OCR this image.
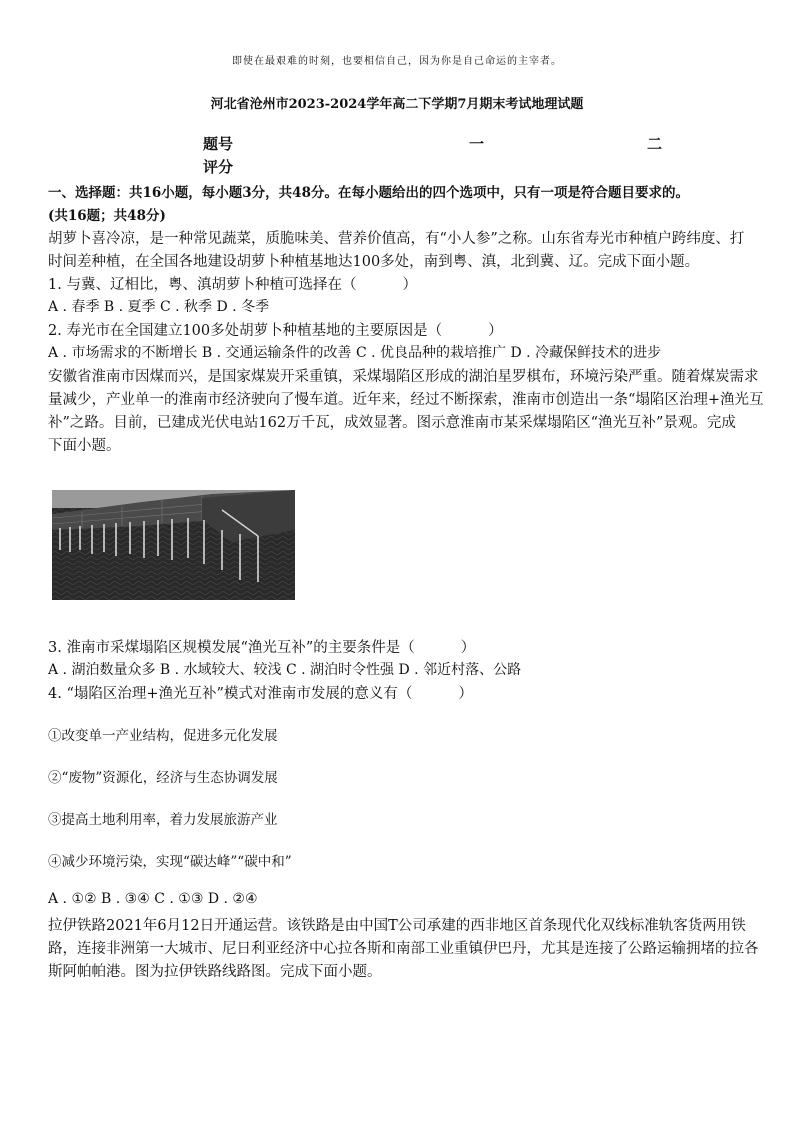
即使在最艰难的时刻，也要相信自己，因为你是自己命运的主宰者。
河北省沧州市2023-2024学年高二下学期7月期末考试地理试题
题号	一	二
评分
一、选择题：共16小题，每小题3分，共48分。在每小题给出的四个选项中，只有一项是符合题目要求的。
(共16题；共48分)
胡萝卜喜冷凉，是一种常见蔬菜，质脆味美、营养价值高，有“小人参”之称。山东省寿光市种植户跨纬度、打
时间差种植，在全国各地建设胡萝卜种植基地达100多处，南到粤、滇，北到冀、辽。完成下面小题。
1. 与冀、辽相比，粤、滇胡萝卜种植可选择在（	）
A . 春季 B . 夏季 C . 秋季 D . 冬季
2. 寿光市在全国建立100多处胡萝卜种植基地的主要原因是（	）
A . 市场需求的不断增长 B . 交通运输条件的改善 C . 优良品种的栽培推广 D . 冷藏保鲜技术的进步
安徽省淮南市因煤而兴，是国家煤炭开采重镇，采煤塌陷区形成的湖泊星罗棋布，环境污染严重。随着煤炭需求
量减少，产业单一的淮南市经济驶向了慢车道。近年来，经过不断探索，淮南市创造出一条“塌陷区治理+渔光互
补”之路。目前，已建成光伏电站162万千瓦，成效显著。图示意淮南市某采煤塌陷区“渔光互补”景观。完成
下面小题。
3. 淮南市采煤塌陷区规模发展“渔光互补”的主要条件是（	）
A . 湖泊数量众多 B . 水域较大、较浅 C . 湖泊时令性强 D . 邻近村落、公路
4. “塌陷区治理+渔光互补”模式对淮南市发展的意义有（	）
①改变单一产业结构，促进多元化发展
②“废物”资源化，经济与生态协调发展
③提高土地利用率，着力发展旅游产业
④减少环境污染，实现“碳达峰”“碳中和”
A . ①② B . ③④ C . ①③ D . ②④
拉伊铁路2021年6月12日开通运营。该铁路是由中国T公司承建的西非地区首条现代化双线标准轨客货两用铁
路，连接非洲第一大城市、尼日利亚经济中心拉各斯和南部工业重镇伊巴丹，尤其是连接了公路运输拥堵的拉各
斯阿帕帕港。图为拉伊铁路线路图。完成下面小题。
